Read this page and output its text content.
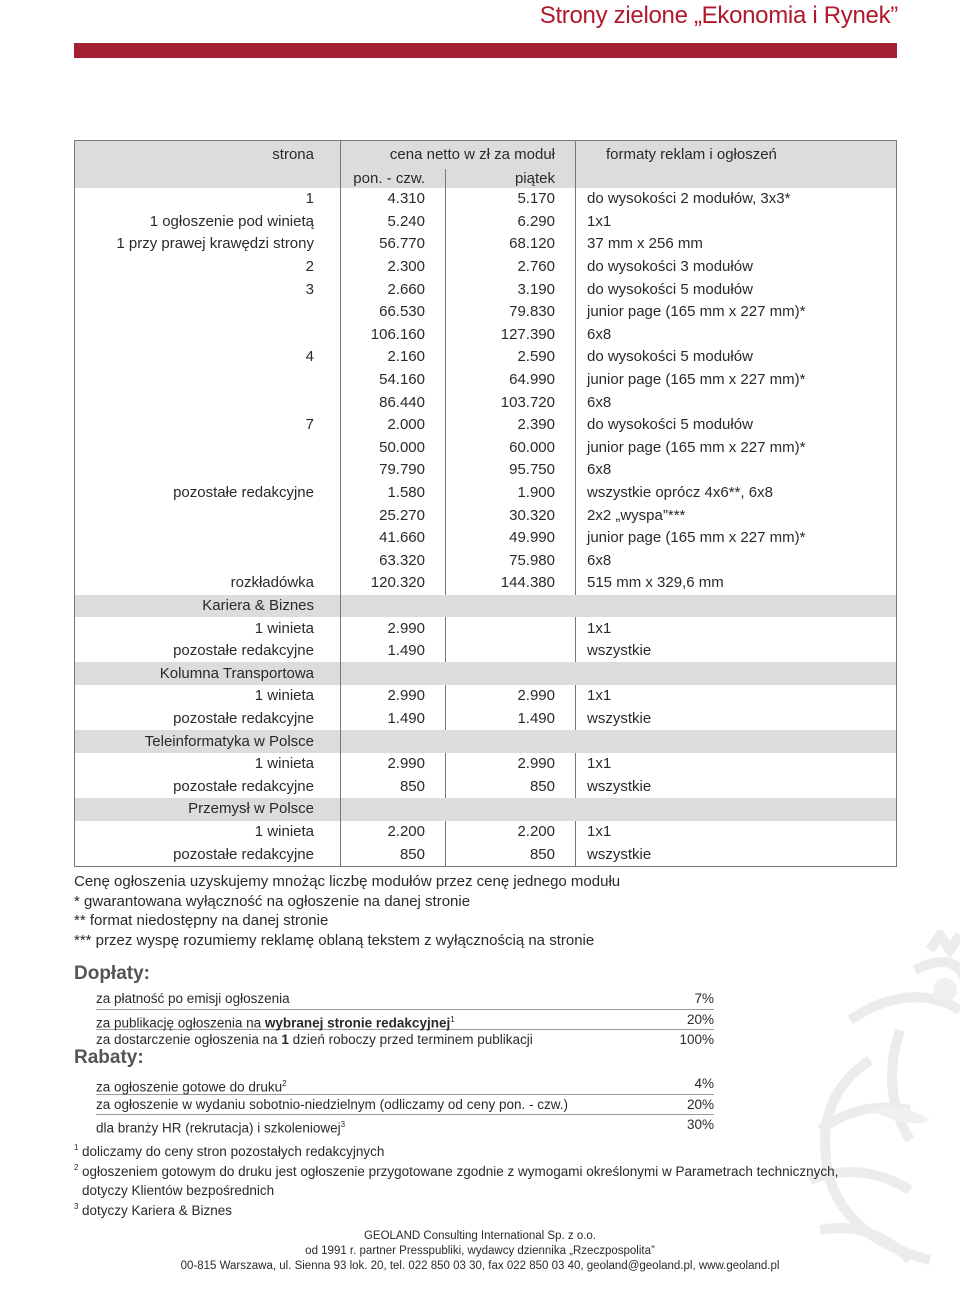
Strony zielone „Ekonomia i Rynek”
strona	cena netto w zł za moduł		formaty reklam i ogłoszeń
	pon. - czw.	piątek	
1	4.310	5.170	do wysokości 2 modułów, 3x3*
1 ogłoszenie pod winietą	5.240	6.290	1x1
1 przy prawej krawędzi strony	56.770	68.120	37 mm x 256 mm
2	2.300	2.760	do wysokości 3 modułów
3	2.660	3.190	do wysokości 5 modułów
	66.530	79.830	junior page (165 mm x 227 mm)*
	106.160	127.390	6x8
4	2.160	2.590	do wysokości 5 modułów
	54.160	64.990	junior page (165 mm x 227 mm)*
	86.440	103.720	6x8
7	2.000	2.390	do wysokości 5 modułów
	50.000	60.000	junior page (165 mm x 227 mm)*
	79.790	95.750	6x8
pozostałe redakcyjne	1.580	1.900	wszystkie oprócz 4x6**, 6x8
	25.270	30.320	2x2 „wyspa”***
	41.660	49.990	junior page (165 mm x 227 mm)*
	63.320	75.980	6x8
rozkładówka	120.320	144.380	515 mm x 329,6 mm
Kariera & Biznes			
1 winieta	2.990		1x1
pozostałe redakcyjne	1.490		wszystkie
Kolumna Transportowa			
1 winieta	2.990	2.990	1x1
pozostałe redakcyjne	1.490	1.490	wszystkie
Teleinformatyka w Polsce			
1 winieta	2.990	2.990	1x1
pozostałe redakcyjne	850	850	wszystkie
Przemysł w Polsce			
1 winieta	2.200	2.200	1x1
pozostałe redakcyjne	850	850	wszystkie
Cenę ogłoszenia uzyskujemy mnożąc liczbę modułów przez cenę jednego modułu
* gwarantowana wyłączność na ogłoszenie na danej stronie
** format niedostępny na danej stronie
*** przez wyspę rozumiemy reklamę oblaną tekstem z wyłącznością na stronie
Dopłaty:
za płatność po emisji ogłoszenia	7%
za publikację ogłoszenia na wybranej stronie redakcyjnej$^1$	20%
za dostarczenie ogłoszenia na 1 dzień roboczy przed terminem publikacji	100%
Rabaty:
za ogłoszenie gotowe do druku$^2$	4%
za ogłoszenie w wydaniu sobotnio-niedzielnym (odliczamy od ceny pon. - czw.)	20%
dla branży HR (rekrutacja) i szkoleniowej$^3$	30%
1 doliczamy do ceny stron pozostałych redakcyjnych
2 ogłoszeniem gotowym do druku jest ogłoszenie przygotowane zgodnie z wymogami określonymi w Parametrach technicznych,
dotyczy Klientów bezpośrednich
3 dotyczy Kariera & Biznes
GEOLAND Consulting International Sp. z o.o.
od 1991 r. partner Presspubliki, wydawcy dziennika „Rzeczpospolita”
00-815 Warszawa, ul. Sienna 93 lok. 20, tel. 022 850 03 30, fax 022 850 03 40, geoland@geoland.pl, www.geoland.pl
